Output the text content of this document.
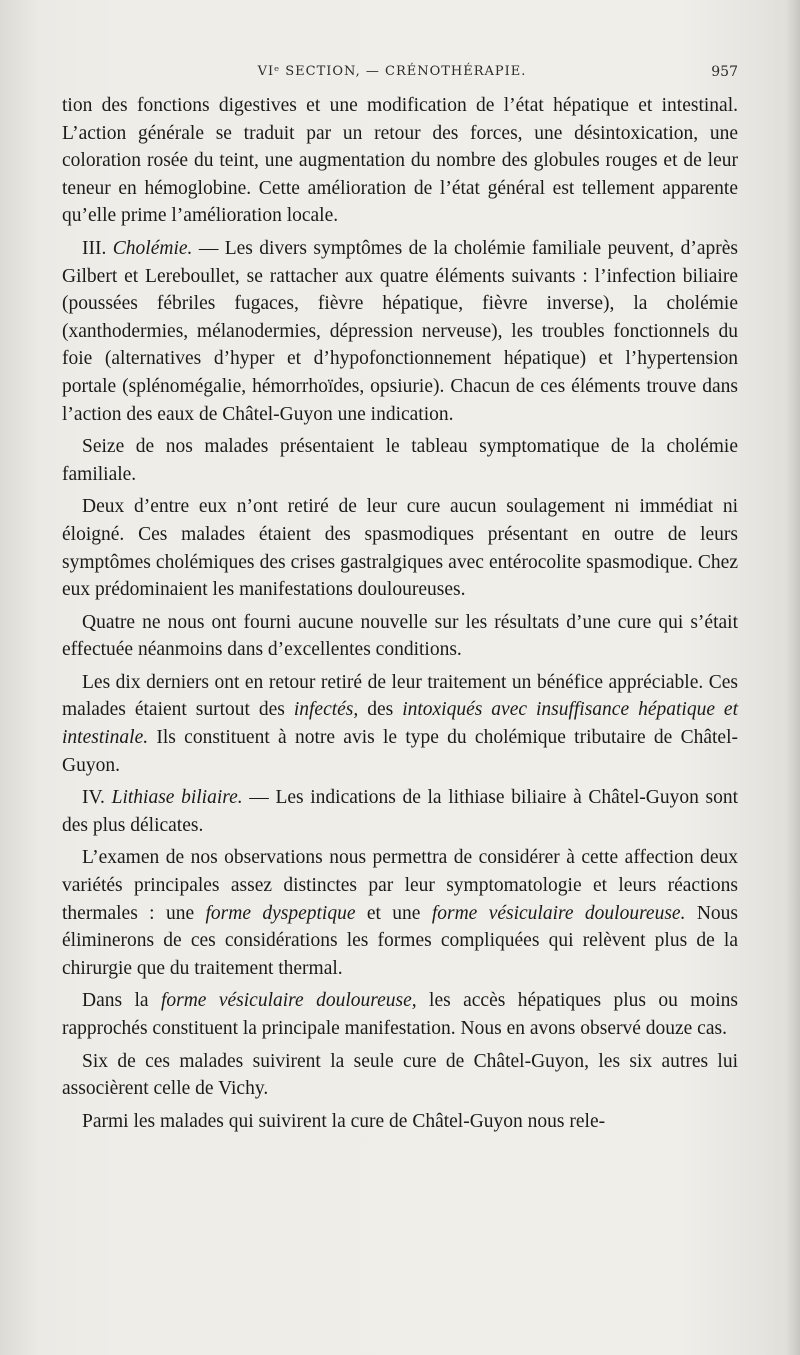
VIᵉ SECTION, — CRÉNOTHÉRAPIE.	957

tion des fonctions digestives et une modification de l’état hépatique et intestinal. L’action générale se traduit par un retour des forces, une désintoxication, une coloration rosée du teint, une augmentation du nombre des globules rouges et de leur teneur en hémoglobine. Cette amélioration de l’état général est tellement apparente qu’elle prime l’amélioration locale.

III. Cholémie. — Les divers symptômes de la cholémie familiale peuvent, d’après Gilbert et Lereboullet, se rattacher aux quatre éléments suivants : l’infection biliaire (poussées fébriles fugaces, fièvre hépatique, fièvre inverse), la cholémie (xanthodermies, mélanodermies, dépression nerveuse), les troubles fonctionnels du foie (alternatives d’hyper et d’hypofonctionnement hépatique) et l’hypertension portale (splénomégalie, hémorrhoïdes, opsiurie). Chacun de ces éléments trouve dans l’action des eaux de Châtel-Guyon une indication.

Seize de nos malades présentaient le tableau symptomatique de la cholémie familiale.

Deux d’entre eux n’ont retiré de leur cure aucun soulagement ni immédiat ni éloigné. Ces malades étaient des spasmodiques présentant en outre de leurs symptômes cholémiques des crises gastralgiques avec entérocolite spasmodique. Chez eux prédominaient les manifestations douloureuses.

Quatre ne nous ont fourni aucune nouvelle sur les résultats d’une cure qui s’était effectuée néanmoins dans d’excellentes conditions.

Les dix derniers ont en retour retiré de leur traitement un bénéfice appréciable. Ces malades étaient surtout des infectés, des intoxiqués avec insuffisance hépatique et intestinale. Ils constituent à notre avis le type du cholémique tributaire de Châtel-Guyon.

IV. Lithiase biliaire. — Les indications de la lithiase biliaire à Châtel-Guyon sont des plus délicates.

L’examen de nos observations nous permettra de considérer à cette affection deux variétés principales assez distinctes par leur symptomatologie et leurs réactions thermales : une forme dyspeptique et une forme vésiculaire douloureuse. Nous éliminerons de ces considérations les formes compliquées qui relèvent plus de la chirurgie que du traitement thermal.

Dans la forme vésiculaire douloureuse, les accès hépatiques plus ou moins rapprochés constituent la principale manifestation. Nous en avons observé douze cas.

Six de ces malades suivirent la seule cure de Châtel-Guyon, les six autres lui associèrent celle de Vichy.

Parmi les malades qui suivirent la cure de Châtel-Guyon nous rele-
